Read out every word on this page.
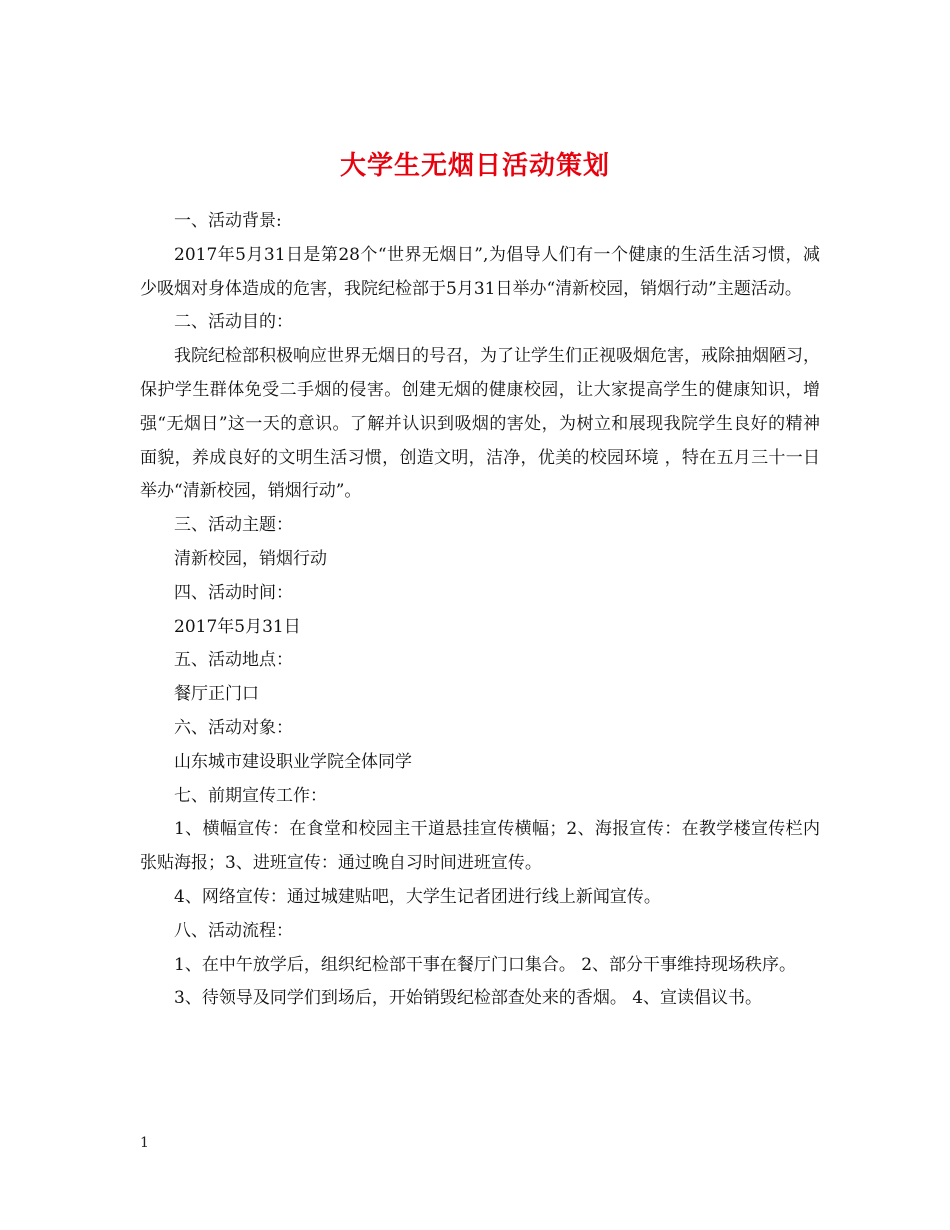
大学生无烟日活动策划

一、活动背景:

2017年5月31日是第28个“世界无烟日”,为倡导人们有一个健康的生活生活习惯，减少吸烟对身体造成的危害，我院纪检部于5月31日举办“清新校园，销烟行动”主题活动。

二、活动目的：

我院纪检部积极响应世界无烟日的号召，为了让学生们正视吸烟危害，戒除抽烟陋习，保护学生群体免受二手烟的侵害。创建无烟的健康校园，让大家提高学生的健康知识，增强“无烟日”这一天的意识。了解并认识到吸烟的害处，为树立和展现我院学生良好的精神面貌，养成良好的文明生活习惯，创造文明，洁净，优美的校园环境 ，特在五月三十一日举办“清新校园，销烟行动”。

三、活动主题：

清新校园，销烟行动

四、活动时间：

2017年5月31日

五、活动地点：

餐厅正门口

六、活动对象：

山东城市建设职业学院全体同学

七、前期宣传工作：

1、横幅宣传：在食堂和校园主干道悬挂宣传横幅；2、海报宣传：在教学楼宣传栏内张贴海报；3、进班宣传：通过晚自习时间进班宣传。

4、网络宣传：通过城建贴吧，大学生记者团进行线上新闻宣传。

八、活动流程：

1、在中午放学后，组织纪检部干事在餐厅门口集合。 2、部分干事维持现场秩序。

3、待领导及同学们到场后，开始销毁纪检部查处来的香烟。 4、宣读倡议书。

1
